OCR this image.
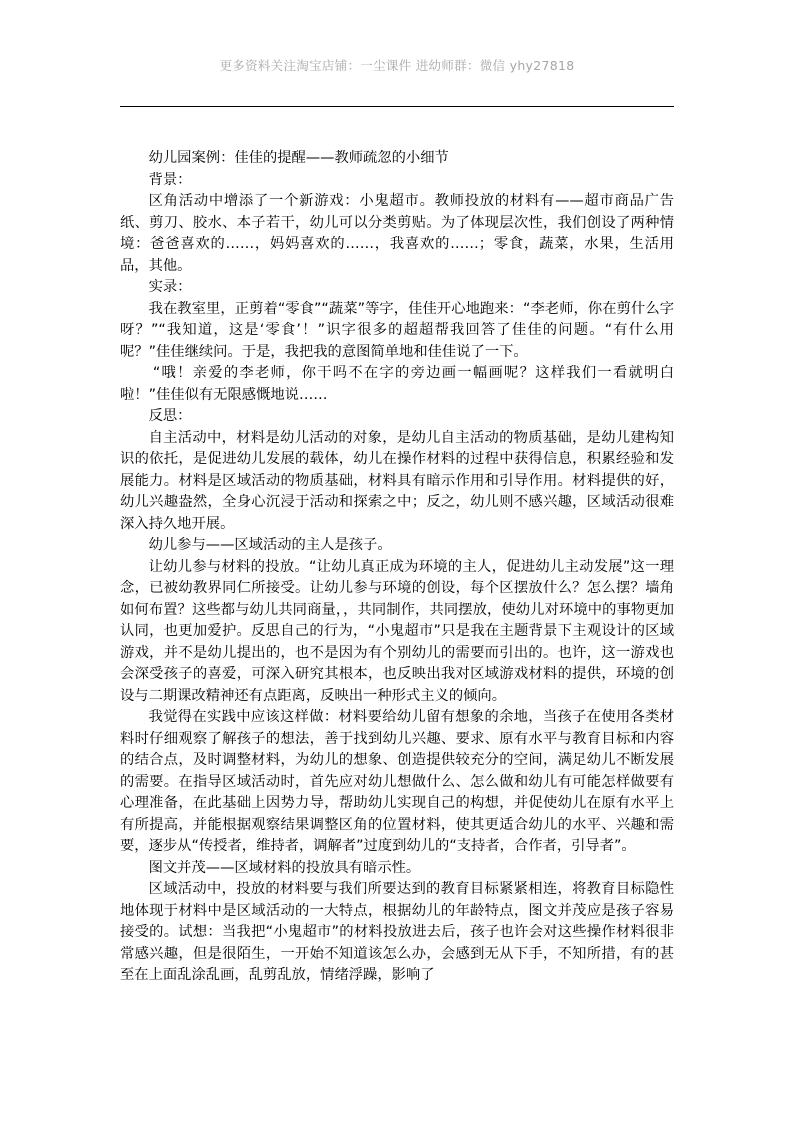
更多资料关注淘宝店铺：一尘课件 进幼师群：微信 yhy27818

幼儿园案例：佳佳的提醒——教师疏忽的小细节

背景：

区角活动中增添了一个新游戏：小鬼超市。教师投放的材料有——超市商品广告纸、剪刀、胶水、本子若干，幼儿可以分类剪贴。为了体现层次性，我们创设了两种情境：爸爸喜欢的……，妈妈喜欢的……，我喜欢的……；零食，蔬菜，水果，生活用品，其他。

实录：

我在教室里，正剪着“零食”“蔬菜”等字，佳佳开心地跑来：“李老师，你在剪什么字呀？”“我知道，这是‘零食’！”识字很多的超超帮我回答了佳佳的问题。“有什么用呢？”佳佳继续问。于是，我把我的意图简单地和佳佳说了一下。

“哦！亲爱的李老师，你干吗不在字的旁边画一幅画呢？这样我们一看就明白啦！”佳佳似有无限感慨地说……

反思：

自主活动中，材料是幼儿活动的对象，是幼儿自主活动的物质基础，是幼儿建构知识的依托，是促进幼儿发展的载体，幼儿在操作材料的过程中获得信息，积累经验和发展能力。材料是区域活动的物质基础，材料具有暗示作用和引导作用。材料提供的好，幼儿兴趣盎然，全身心沉浸于活动和探索之中；反之，幼儿则不感兴趣，区域活动很难深入持久地开展。

幼儿参与——区域活动的主人是孩子。

让幼儿参与材料的投放。“让幼儿真正成为环境的主人，促进幼儿主动发展”这一理念，已被幼教界同仁所接受。让幼儿参与环境的创设，每个区摆放什么？怎么摆？墙角如何布置？这些都与幼儿共同商量，，共同制作，共同摆放，使幼儿对环境中的事物更加认同，也更加爱护。反思自己的行为，“小鬼超市”只是我在主题背景下主观设计的区域游戏，并不是幼儿提出的，也不是因为有个别幼儿的需要而引出的。也许，这一游戏也会深受孩子的喜爱，可深入研究其根本，也反映出我对区域游戏材料的提供，环境的创设与二期课改精神还有点距离，反映出一种形式主义的倾向。

我觉得在实践中应该这样做：材料要给幼儿留有想象的余地，当孩子在使用各类材料时仔细观察了解孩子的想法，善于找到幼儿兴趣、要求、原有水平与教育目标和内容的结合点，及时调整材料，为幼儿的想象、创造提供较充分的空间，满足幼儿不断发展的需要。在指导区域活动时，首先应对幼儿想做什么、怎么做和幼儿有可能怎样做要有心理准备，在此基础上因势力导，帮助幼儿实现自己的构想，并促使幼儿在原有水平上有所提高，并能根据观察结果调整区角的位置材料，使其更适合幼儿的水平、兴趣和需要，逐步从“传授者，维持者，调解者”过度到幼儿的“支持者，合作者，引导者”。

图文并茂——区域材料的投放具有暗示性。

区域活动中，投放的材料要与我们所要达到的教育目标紧紧相连，将教育目标隐性地体现于材料中是区域活动的一大特点，根据幼儿的年龄特点，图文并茂应是孩子容易接受的。试想：当我把“小鬼超市”的材料投放进去后，孩子也许会对这些操作材料很非常感兴趣，但是很陌生，一开始不知道该怎么办，会感到无从下手，不知所措，有的甚至在上面乱涂乱画，乱剪乱放，情绪浮躁，影响了
